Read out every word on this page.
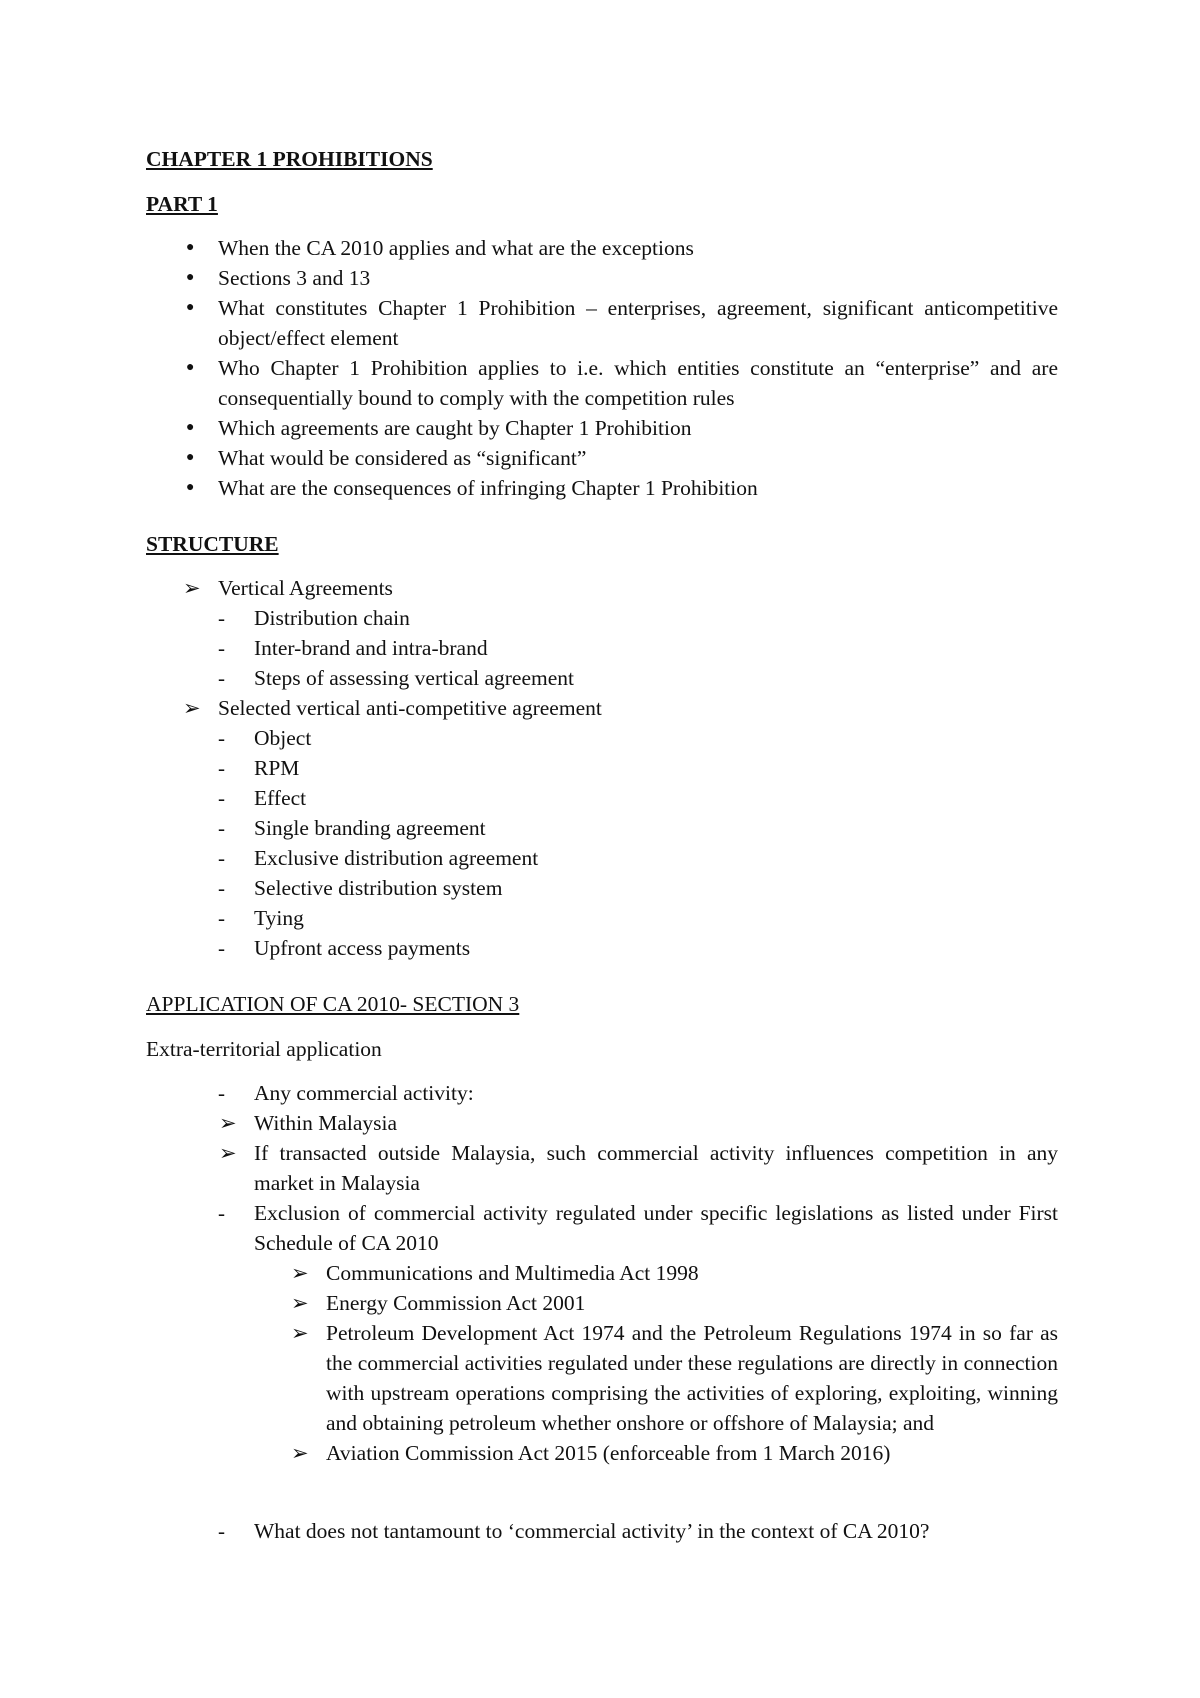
CHAPTER 1 PROHIBITIONS

PART 1

●	When the CA 2010 applies and what are the exceptions
●	Sections 3 and 13
●	What constitutes Chapter 1 Prohibition – enterprises, agreement, significant anticompetitive object/effect element
●	Who Chapter 1 Prohibition applies to i.e. which entities constitute an “enterprise” and are consequentially bound to comply with the competition rules
●	Which agreements are caught by Chapter 1 Prohibition
●	What would be considered as “significant”
●	What are the consequences of infringing Chapter 1 Prohibition

STRUCTURE

➢ Vertical Agreements
- Distribution chain
- Inter-brand and intra-brand
- Steps of assessing vertical agreement
➢ Selected vertical anti-competitive agreement
- Object
- RPM
- Effect
- Single branding agreement
- Exclusive distribution agreement
- Selective distribution system
- Tying
- Upfront access payments

APPLICATION OF CA 2010- SECTION 3

Extra-territorial application

- Any commercial activity:
➢ Within Malaysia
➢ If transacted outside Malaysia, such commercial activity influences competition in any market in Malaysia
- Exclusion of commercial activity regulated under specific legislations as listed under First Schedule of CA 2010
➢ Communications and Multimedia Act 1998
➢ Energy Commission Act 2001
➢ Petroleum Development Act 1974 and the Petroleum Regulations 1974 in so far as the commercial activities regulated under these regulations are directly in connection with upstream operations comprising the activities of exploring, exploiting, winning and obtaining petroleum whether onshore or offshore of Malaysia; and
➢ Aviation Commission Act 2015 (enforceable from 1 March 2016)
- What does not tantamount to ‘commercial activity’ in the context of CA 2010?
